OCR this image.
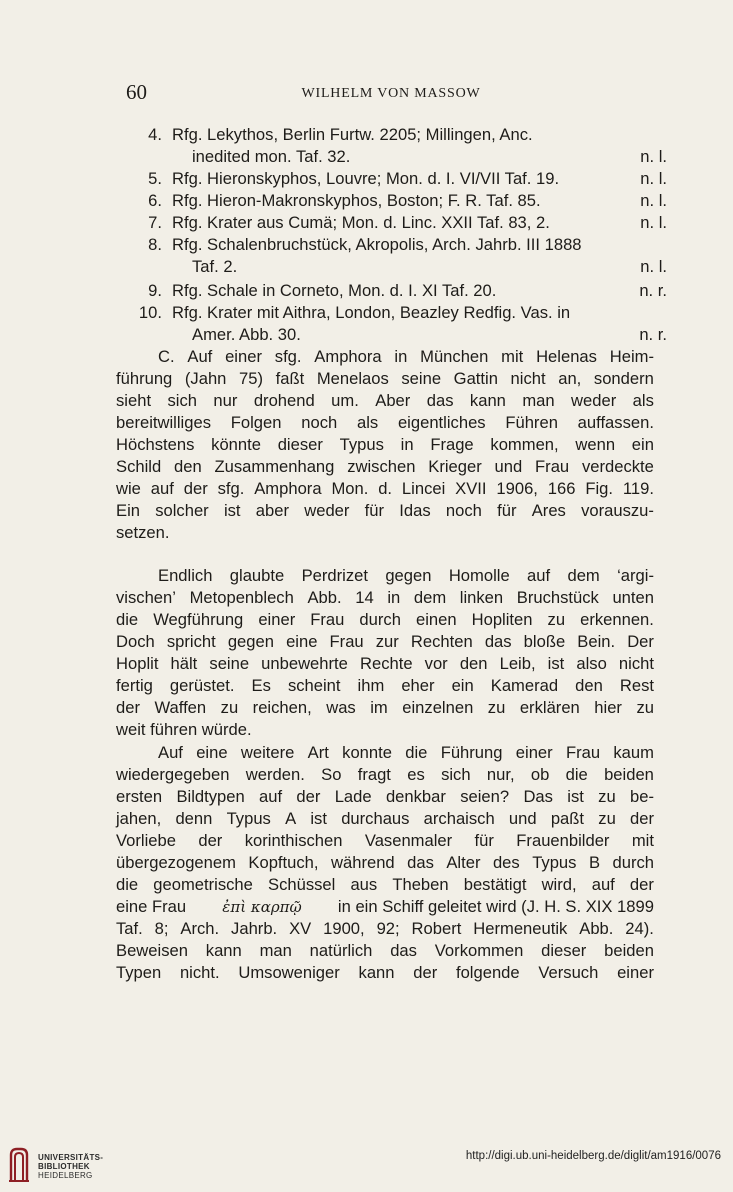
60	WILHELM VON MASSOW
4. Rfg. Lekythos, Berlin Furtw. 2205; Millingen, Anc.
inedited mon. Taf. 32.	n. l.
5. Rfg. Hieronskyphos, Louvre; Mon. d. I. VI/VII Taf. 19.	n. l.
6. Rfg. Hieron-Makronskyphos, Boston; F. R. Taf. 85.	n. l.
7. Rfg. Krater aus Cumä; Mon. d. Linc. XXII Taf. 83, 2.	n. l.
8. Rfg. Schalenbruchstück, Akropolis, Arch. Jahrb. III 1888
Taf. 2.	n. l.
9. Rfg. Schale in Corneto, Mon. d. I. XI Taf. 20.	n. r.
10. Rfg. Krater mit Aithra, London, Beazley Redfig. Vas. in
Amer. Abb. 30.	n. r.
C. Auf einer sfg. Amphora in München mit Helenas Heim-
führung (Jahn 75) faßt Menelaos seine Gattin nicht an, sondern
sieht sich nur drohend um. Aber das kann man weder als
bereitwilliges Folgen noch als eigentliches Führen auffassen.
Höchstens könnte dieser Typus in Frage kommen, wenn ein
Schild den Zusammenhang zwischen Krieger und Frau verdeckte
wie auf der sfg. Amphora Mon. d. Lincei XVII 1906, 166 Fig. 119.
Ein solcher ist aber weder für Idas noch für Ares vorauszu-
setzen.
Endlich glaubte Perdrizet gegen Homolle auf dem ‘argi-
vischen’ Metopenblech Abb. 14 in dem linken Bruchstück unten
die Wegführung einer Frau durch einen Hopliten zu erkennen.
Doch spricht gegen eine Frau zur Rechten das bloße Bein. Der
Hoplit hält seine unbewehrte Rechte vor den Leib, ist also nicht
fertig gerüstet. Es scheint ihm eher ein Kamerad den Rest
der Waffen zu reichen, was im einzelnen zu erklären hier zu
weit führen würde.
Auf eine weitere Art konnte die Führung einer Frau kaum
wiedergegeben werden. So fragt es sich nur, ob die beiden
ersten Bildtypen auf der Lade denkbar seien? Das ist zu be-
jahen, denn Typus A ist durchaus archaisch und paßt zu der
Vorliebe der korinthischen Vasenmaler für Frauenbilder mit
übergezogenem Kopftuch, während das Alter des Typus B durch
die geometrische Schüssel aus Theben bestätigt wird, auf der
eine Frau ἐπὶ καρπῷ in ein Schiff geleitet wird (J. H. S. XIX 1899
Taf. 8; Arch. Jahrb. XV 1900, 92; Robert Hermeneutik Abb. 24).
Beweisen kann man natürlich das Vorkommen dieser beiden
Typen nicht. Umsoweniger kann der folgende Versuch einer
UNIVERSITÄTS-
BIBLIOTHEK
HEIDELBERG
http://digi.ub.uni-heidelberg.de/diglit/am1916/0076
